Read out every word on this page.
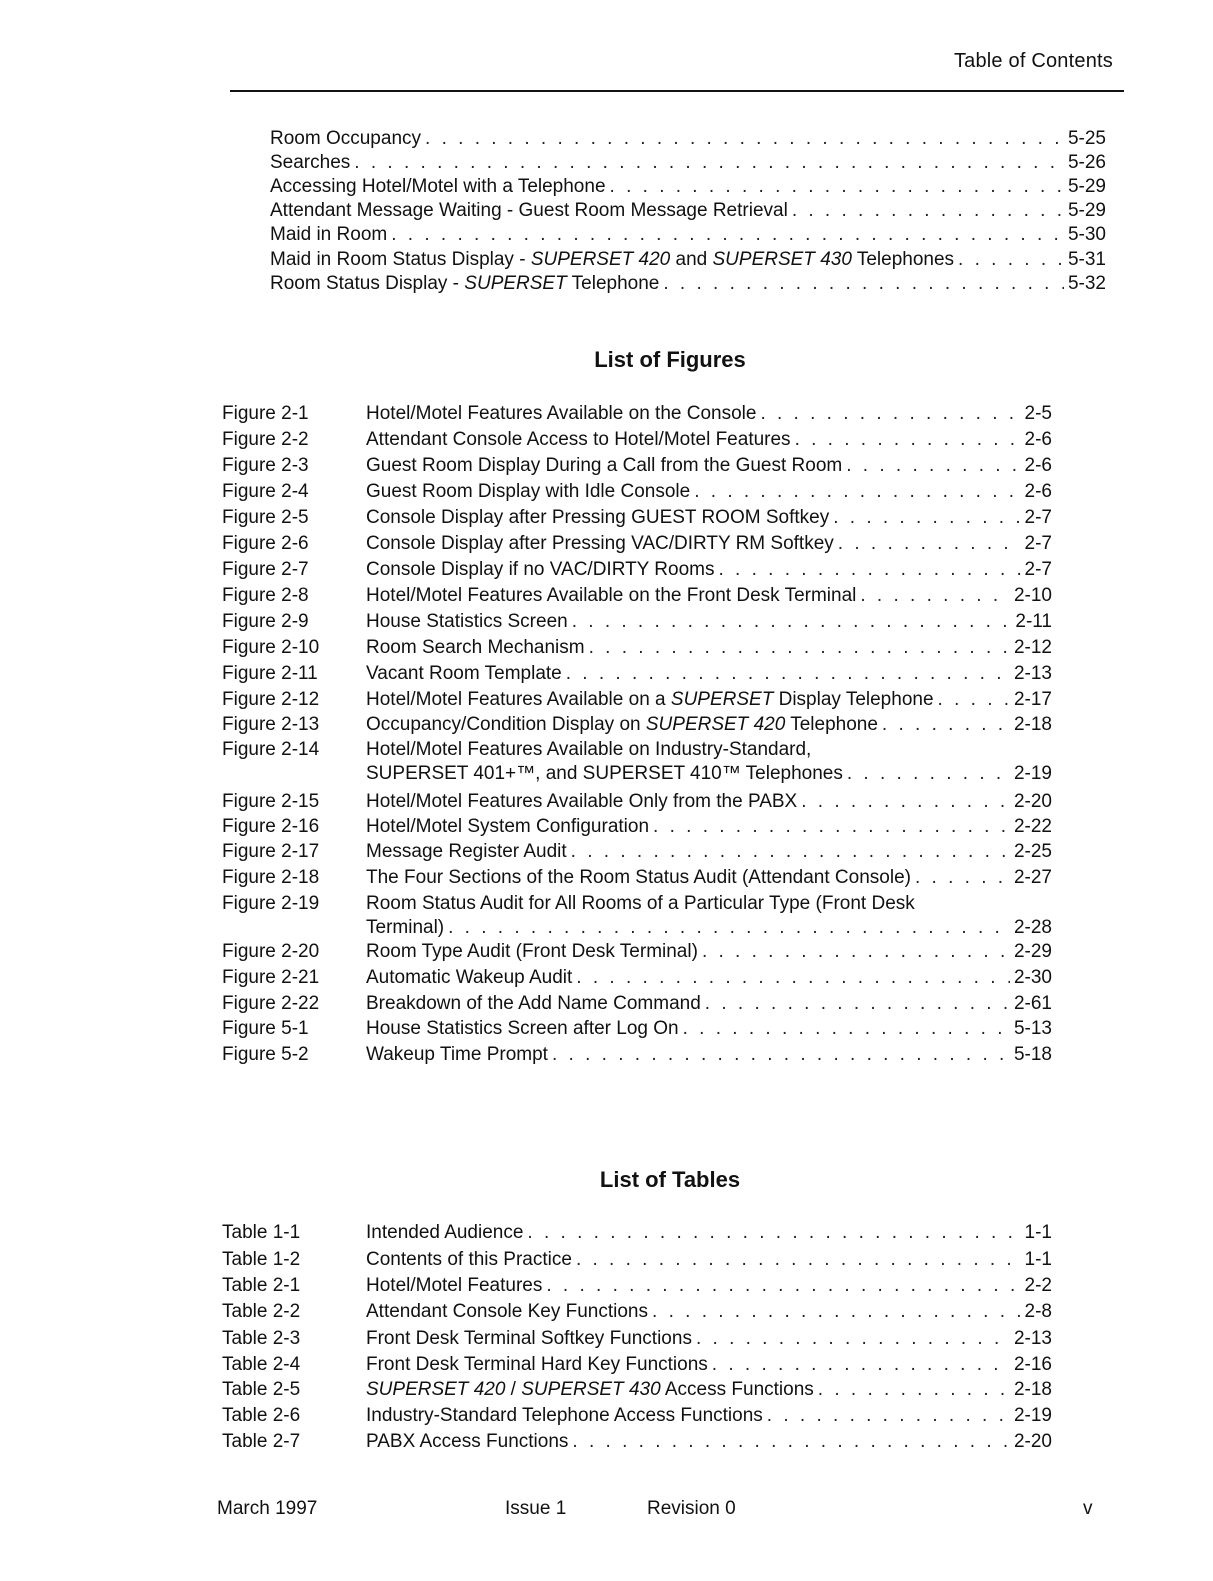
Table of Contents
Room Occupancy . . .	5-25
Searches . . .	5-26
Accessing Hotel/Motel with a Telephone . . .	5-29
Attendant Message Waiting - Guest Room Message Retrieval . . .	5-29
Maid in Room . . .	5-30
Maid in Room Status Display - SUPERSET 420 and SUPERSET 430 Telephones . . .	5-31
Room Status Display - SUPERSET Telephone . . .	5-32
List of Figures
Figure 2-1	Hotel/Motel Features Available on the Console . . .	2-5
Figure 2-2	Attendant Console Access to Hotel/Motel Features . . .	2-6
Figure 2-3	Guest Room Display During a Call from the Guest Room . . .	2-6
Figure 2-4	Guest Room Display with Idle Console . . .	2-6
Figure 2-5	Console Display after Pressing GUEST ROOM Softkey . . .	2-7
Figure 2-6	Console Display after Pressing VAC/DIRTY RM Softkey . . .	2-7
Figure 2-7	Console Display if no VAC/DIRTY Rooms . . .	2-7
Figure 2-8	Hotel/Motel Features Available on the Front Desk Terminal . . .	2-10
Figure 2-9	House Statistics Screen . . .	2-11
Figure 2-10 Room Search Mechanism . . .	2-12
Figure 2-11	Vacant Room Template . . .	2-13
Figure 2-12 Hotel/Motel Features Available on a SUPERSET Display Telephone . . .	2-17
Figure 2-13 Occupancy/Condition Display on SUPERSET 420 Telephone . . .	2-18
Figure 2-14 Hotel/Motel Features Available on Industry-Standard,
SUPERSET 401+™, and SUPERSET 410™ Telephones . . .	2-19
Figure 2-15 Hotel/Motel Features Available Only from the PABX . . .	2-20
Figure 2-16 Hotel/Motel System Configuration . . .	2-22
Figure 2-17 Message Register Audit . . .	2-25
Figure 2-18 The Four Sections of the Room Status Audit (Attendant Console) . . .	2-27
Figure 2-19 Room Status Audit for All Rooms of a Particular Type (Front Desk
Terminal) . . .	2-28
Figure 2-20 Room Type Audit (Front Desk Terminal) . . .	2-29
Figure 2-21 Automatic Wakeup Audit . . .	2-30
Figure 2-22 Breakdown of the Add Name Command . . .	2-61
Figure 5-1	House Statistics Screen after Log On . . .	5-13
Figure 5-2	Wakeup Time Prompt . . .	5-18
List of Tables
Table 1-1	Intended Audience . . .	1-1
Table 1-2	Contents of this Practice . . .	1-1
Table 2-1	Hotel/Motel Features . . .	2-2
Table 2-2	Attendant Console Key Functions . . .	2-8
Table 2-3	Front Desk Terminal Softkey Functions . . .	2-13
Table 2-4	Front Desk Terminal Hard Key Functions . . .	2-16
Table 2-5	SUPERSET 420 / SUPERSET 430 Access Functions . . .	2-18
Table 2-6	Industry-Standard Telephone Access Functions . . .	2-19
Table 2-7	PABX Access Functions . . .	2-20
March 1997	Issue 1	Revision 0	v
